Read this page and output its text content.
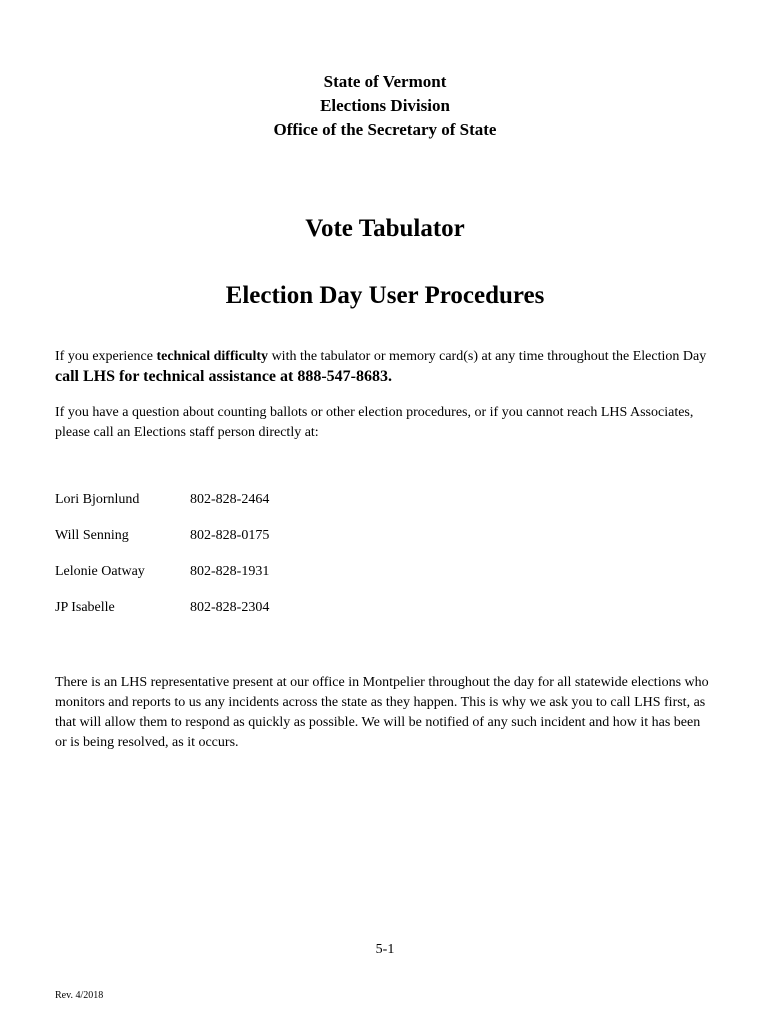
State of Vermont
Elections Division
Office of the Secretary of State
Vote Tabulator
Election Day User Procedures
If you experience technical difficulty with the tabulator or memory card(s) at any time throughout the Election Day call LHS for technical assistance at 888-547-8683.
If you have a question about counting ballots or other election procedures, or if you cannot reach LHS Associates, please call an Elections staff person directly at:
Lori Bjornlund	802-828-2464
Will Senning	802-828-0175
Lelonie Oatway	802-828-1931
JP Isabelle	802-828-2304
There is an LHS representative present at our office in Montpelier throughout the day for all statewide elections who monitors and reports to us any incidents across the state as they happen. This is why we ask you to call LHS first, as that will allow them to respond as quickly as possible. We will be notified of any such incident and how it has been or is being resolved, as it occurs.
5-1
Rev. 4/2018
